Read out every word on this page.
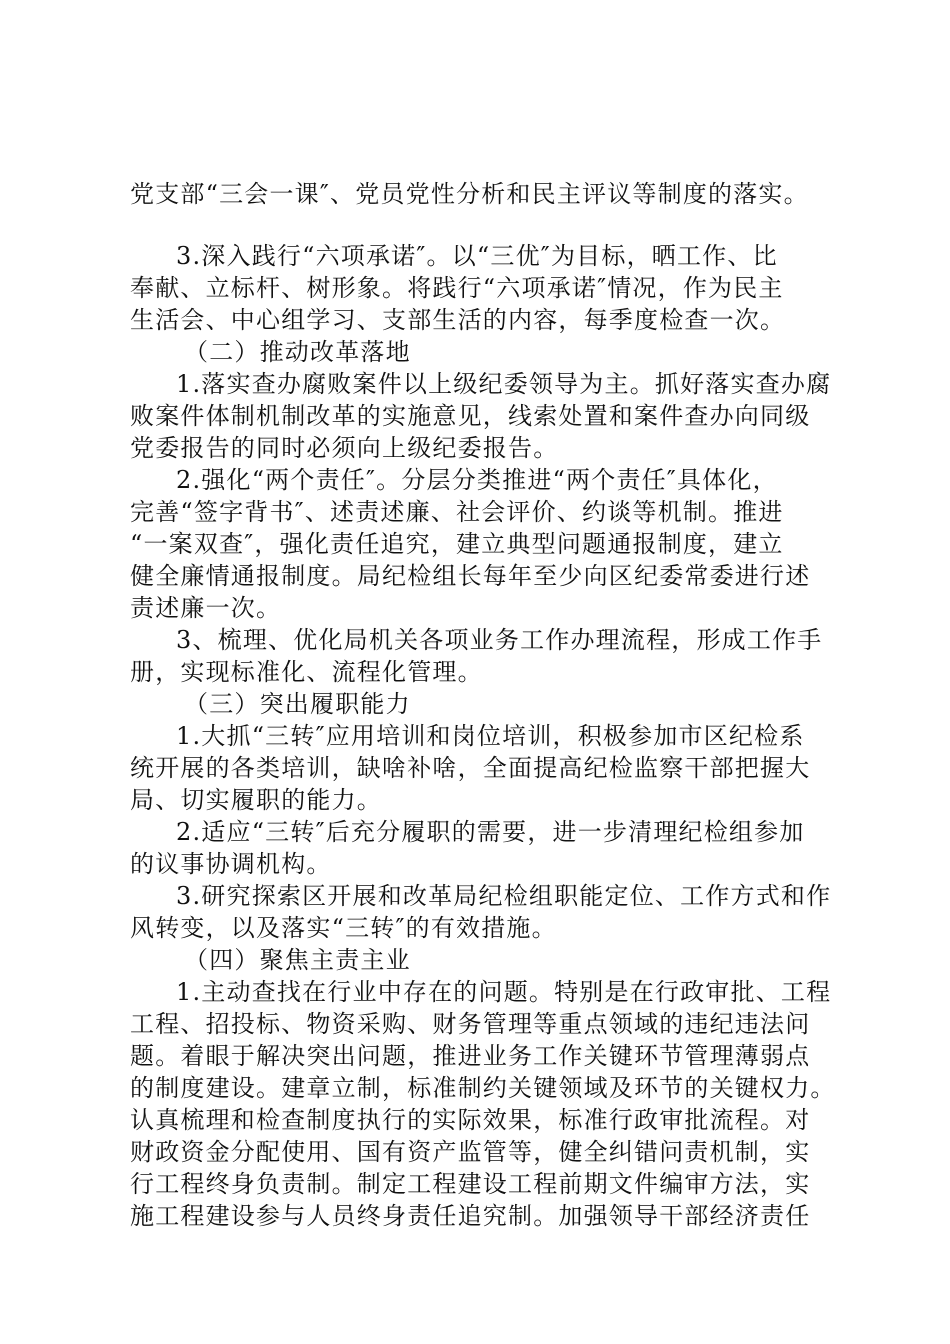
党支部“三会一课″、党员党性分析和民主评议等制度的落实。
3.深入践行“六项承诺″。以“三优″为目标，晒工作、比
奉献、立标杆、树形象。将践行“六项承诺″情况，作为民主
生活会、中心组学习、支部生活的内容，每季度检查一次。
（二）推动改革落地
1.落实查办腐败案件以上级纪委领导为主。抓好落实查办腐
败案件体制机制改革的实施意见，线索处置和案件查办向同级
党委报告的同时必须向上级纪委报告。
2.强化“两个责任″。分层分类推进“两个责任″具体化，
完善“签字背书″、述责述廉、社会评价、约谈等机制。推进
“一案双查″，强化责任追究，建立典型问题通报制度，建立
健全廉情通报制度。局纪检组长每年至少向区纪委常委进行述
责述廉一次。
3、梳理、优化局机关各项业务工作办理流程，形成工作手
册，实现标准化、流程化管理。
（三）突出履职能力
1.大抓“三转″应用培训和岗位培训，积极参加市区纪检系
统开展的各类培训，缺啥补啥，全面提高纪检监察干部把握大
局、切实履职的能力。
2.适应“三转″后充分履职的需要，进一步清理纪检组参加
的议事协调机构。
3.研究探索区开展和改革局纪检组职能定位、工作方式和作
风转变，以及落实“三转″的有效措施。
（四）聚焦主责主业
1.主动查找在行业中存在的问题。特别是在行政审批、工程
工程、招投标、物资采购、财务管理等重点领域的违纪违法问
题。着眼于解决突出问题，推进业务工作关键环节管理薄弱点
的制度建设。建章立制，标准制约关键领域及环节的关键权力。
认真梳理和检查制度执行的实际效果，标准行政审批流程。对
财政资金分配使用、国有资产监管等，健全纠错问责机制，实
行工程终身负责制。制定工程建设工程前期文件编审方法，实
施工程建设参与人员终身责任追究制。加强领导干部经济责任
